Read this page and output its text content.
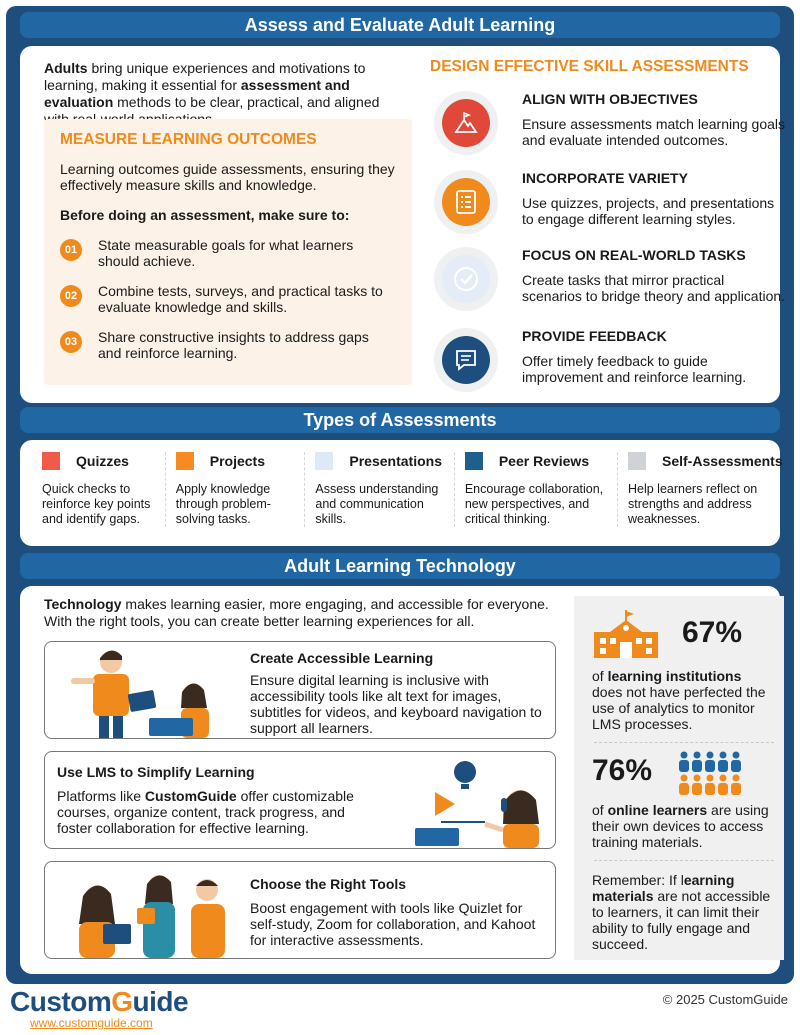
Assess and Evaluate Adult Learning
Adults bring unique experiences and motivations to learning, making it essential for assessment and evaluation methods to be clear, practical, and aligned
MEASURE LEARNING OUTCOMES

Learning outcomes guide assessments, ensuring they effectively measure skills and knowledge.

Before doing an assessment, make sure to:

01	State measurable goals for what learners should achieve.
02	Combine tests, surveys, and practical tasks to evaluate knowledge and skills.
03	Share constructive insights to address gaps and reinforce learning.
DESIGN EFFECTIVE SKILL ASSESSMENTS
ALIGN WITH OBJECTIVES
Ensure assessments match learning goals and evaluate intended outcomes.
INCORPORATE VARIETY
Use quizzes, projects, and presentations to engage different learning styles.
FOCUS ON REAL-WORLD TASKS
Create tasks that mirror practical scenarios to bridge theory and application.
PROVIDE FEEDBACK
Offer timely feedback to guide improvement and reinforce learning.
Types of Assessments
Quizzes
Quick checks to reinforce key points and identify gaps.
Projects
Apply knowledge through problem-solving tasks.
Presentations
Assess understanding and communication skills.
Peer Reviews
Encourage collaboration, new perspectives, and critical thinking.
Self-Assessments
Help learners reflect on strengths and address weaknesses.
Adult Learning Technology
Technology makes learning easier, more engaging, and accessible for everyone. With the right tools, you can create better learning experiences for all.
Create Accessible Learning
Ensure digital learning is inclusive with accessibility tools like alt text for images, subtitles for videos, and keyboard navigation to support all learners.
Use LMS to Simplify Learning
Platforms like CustomGuide offer customizable courses, organize content, track progress, and foster collaboration for effective learning.
Choose the Right Tools
Boost engagement with tools like Quizlet for self-study, Zoom for collaboration, and Kahoot for interactive assessments.
67%
of learning institutions does not have perfected the use of analytics to monitor LMS processes.
76%
of online learners are using their own devices to access training materials.
Remember: If learning materials are not accessible to learners, it can limit their ability to fully engage and succeed.
CustomGuide
www.customguide.com
© 2025 CustomGuide
